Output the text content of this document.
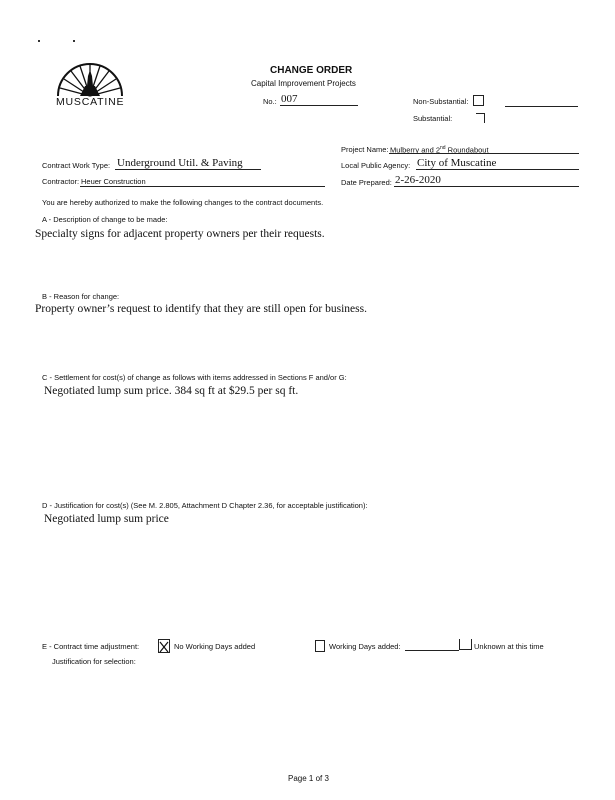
MUSCATINE
CHANGE ORDER
Capital Improvement Projects
No.: 007	Non-Substantial:
Substantial:
Project Name: Mulberry and 2nd Roundabout
Contract Work Type: Underground Util. & Paving	Local Public Agency: City of Muscatine
Contractor: Heuer Construction	Date Prepared: 2-26-2020
You are hereby authorized to make the following changes to the contract documents.
A - Description of change to be made:
Specialty signs for adjacent property owners per their requests.
B - Reason for change:
Property owner’s request to identify that they are still open for business.
C - Settlement for cost(s) of change as follows with items addressed in Sections F and/or G:
Negotiated lump sum price. 384 sq ft at $29.5 per sq ft.
D - Justification for cost(s) (See M. 2.805, Attachment D Chapter 2.36, for acceptable justification):
Negotiated lump sum price
E - Contract time adjustment:	No Working Days added	Working Days added:	Unknown at this time
Justification for selection:
Page 1 of 3
